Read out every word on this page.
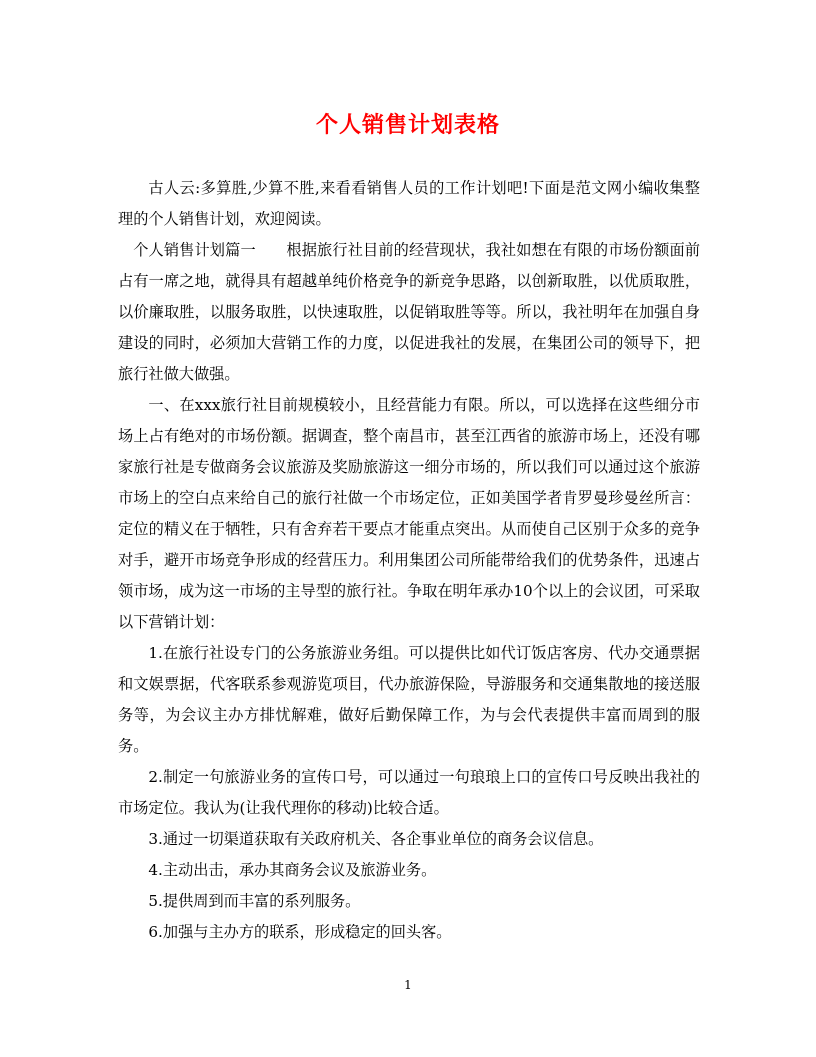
个人销售计划表格

古人云:多算胜,少算不胜,来看看销售人员的工作计划吧!下面是范文网小编收集整理的个人销售计划，欢迎阅读。

个人销售计划篇一　　根据旅行社目前的经营现状，我社如想在有限的市场份额面前占有一席之地，就得具有超越单纯价格竞争的新竞争思路，以创新取胜，以优质取胜，以价廉取胜，以服务取胜，以快速取胜，以促销取胜等等。所以，我社明年在加强自身建设的同时，必须加大营销工作的力度，以促进我社的发展，在集团公司的领导下，把旅行社做大做强。

一、在xxx旅行社目前规模较小，且经营能力有限。所以，可以选择在这些细分市场上占有绝对的市场份额。据调查，整个南昌市，甚至江西省的旅游市场上，还没有哪家旅行社是专做商务会议旅游及奖励旅游这一细分市场的，所以我们可以通过这个旅游市场上的空白点来给自己的旅行社做一个市场定位，正如美国学者肯罗曼珍曼丝所言：定位的精义在于牺牲，只有舍弃若干要点才能重点突出。从而使自己区别于众多的竞争对手，避开市场竞争形成的经营压力。利用集团公司所能带给我们的优势条件，迅速占领市场，成为这一市场的主导型的旅行社。争取在明年承办10个以上的会议团，可采取以下营销计划：

1.在旅行社设专门的公务旅游业务组。可以提供比如代订饭店客房、代办交通票据和文娱票据，代客联系参观游览项目，代办旅游保险，导游服务和交通集散地的接送服务等，为会议主办方排忧解难，做好后勤保障工作，为与会代表提供丰富而周到的服务。

2.制定一句旅游业务的宣传口号，可以通过一句琅琅上口的宣传口号反映出我社的市场定位。我认为(让我代理你的移动)比较合适。

3.通过一切渠道获取有关政府机关、各企事业单位的商务会议信息。

4.主动出击，承办其商务会议及旅游业务。

5.提供周到而丰富的系列服务。

6.加强与主办方的联系，形成稳定的回头客。

1
